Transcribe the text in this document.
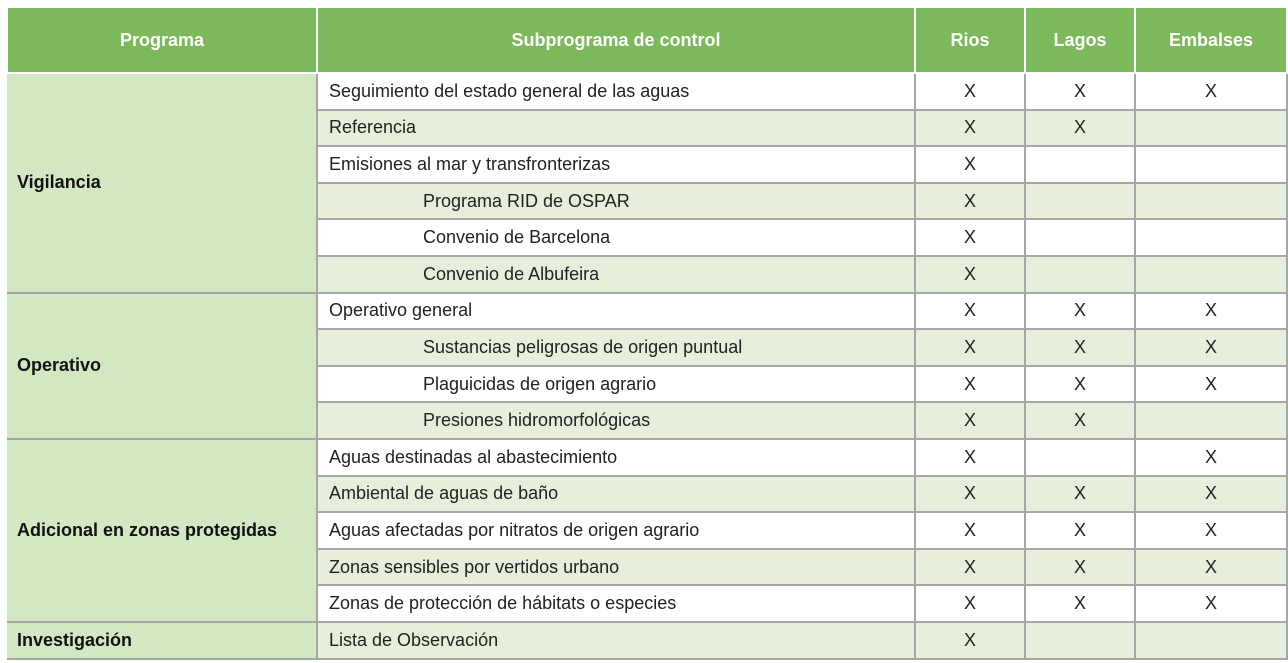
Programa	Subprograma de control	Rios	Lagos	Embalses
Vigilancia	Seguimiento del estado general de las aguas	X	X	X
	Referencia	X	X	
	Emisiones al mar y transfronterizas	X		
	Programa RID de OSPAR	X		
	Convenio de Barcelona	X		
	Convenio de Albufeira	X		
Operativo	Operativo general	X	X	X
	Sustancias peligrosas de origen puntual	X	X	X
	Plaguicidas de origen agrario	X	X	X
	Presiones hidromorfológicas	X	X	
Adicional en zonas protegidas	Aguas destinadas al abastecimiento	X		X
	Ambiental de aguas de baño	X	X	X
	Aguas afectadas por nitratos de origen agrario	X	X	X
	Zonas sensibles por vertidos urbano	X	X	X
	Zonas de protección de hábitats o especies	X	X	X
Investigación	Lista de Observación	X		
